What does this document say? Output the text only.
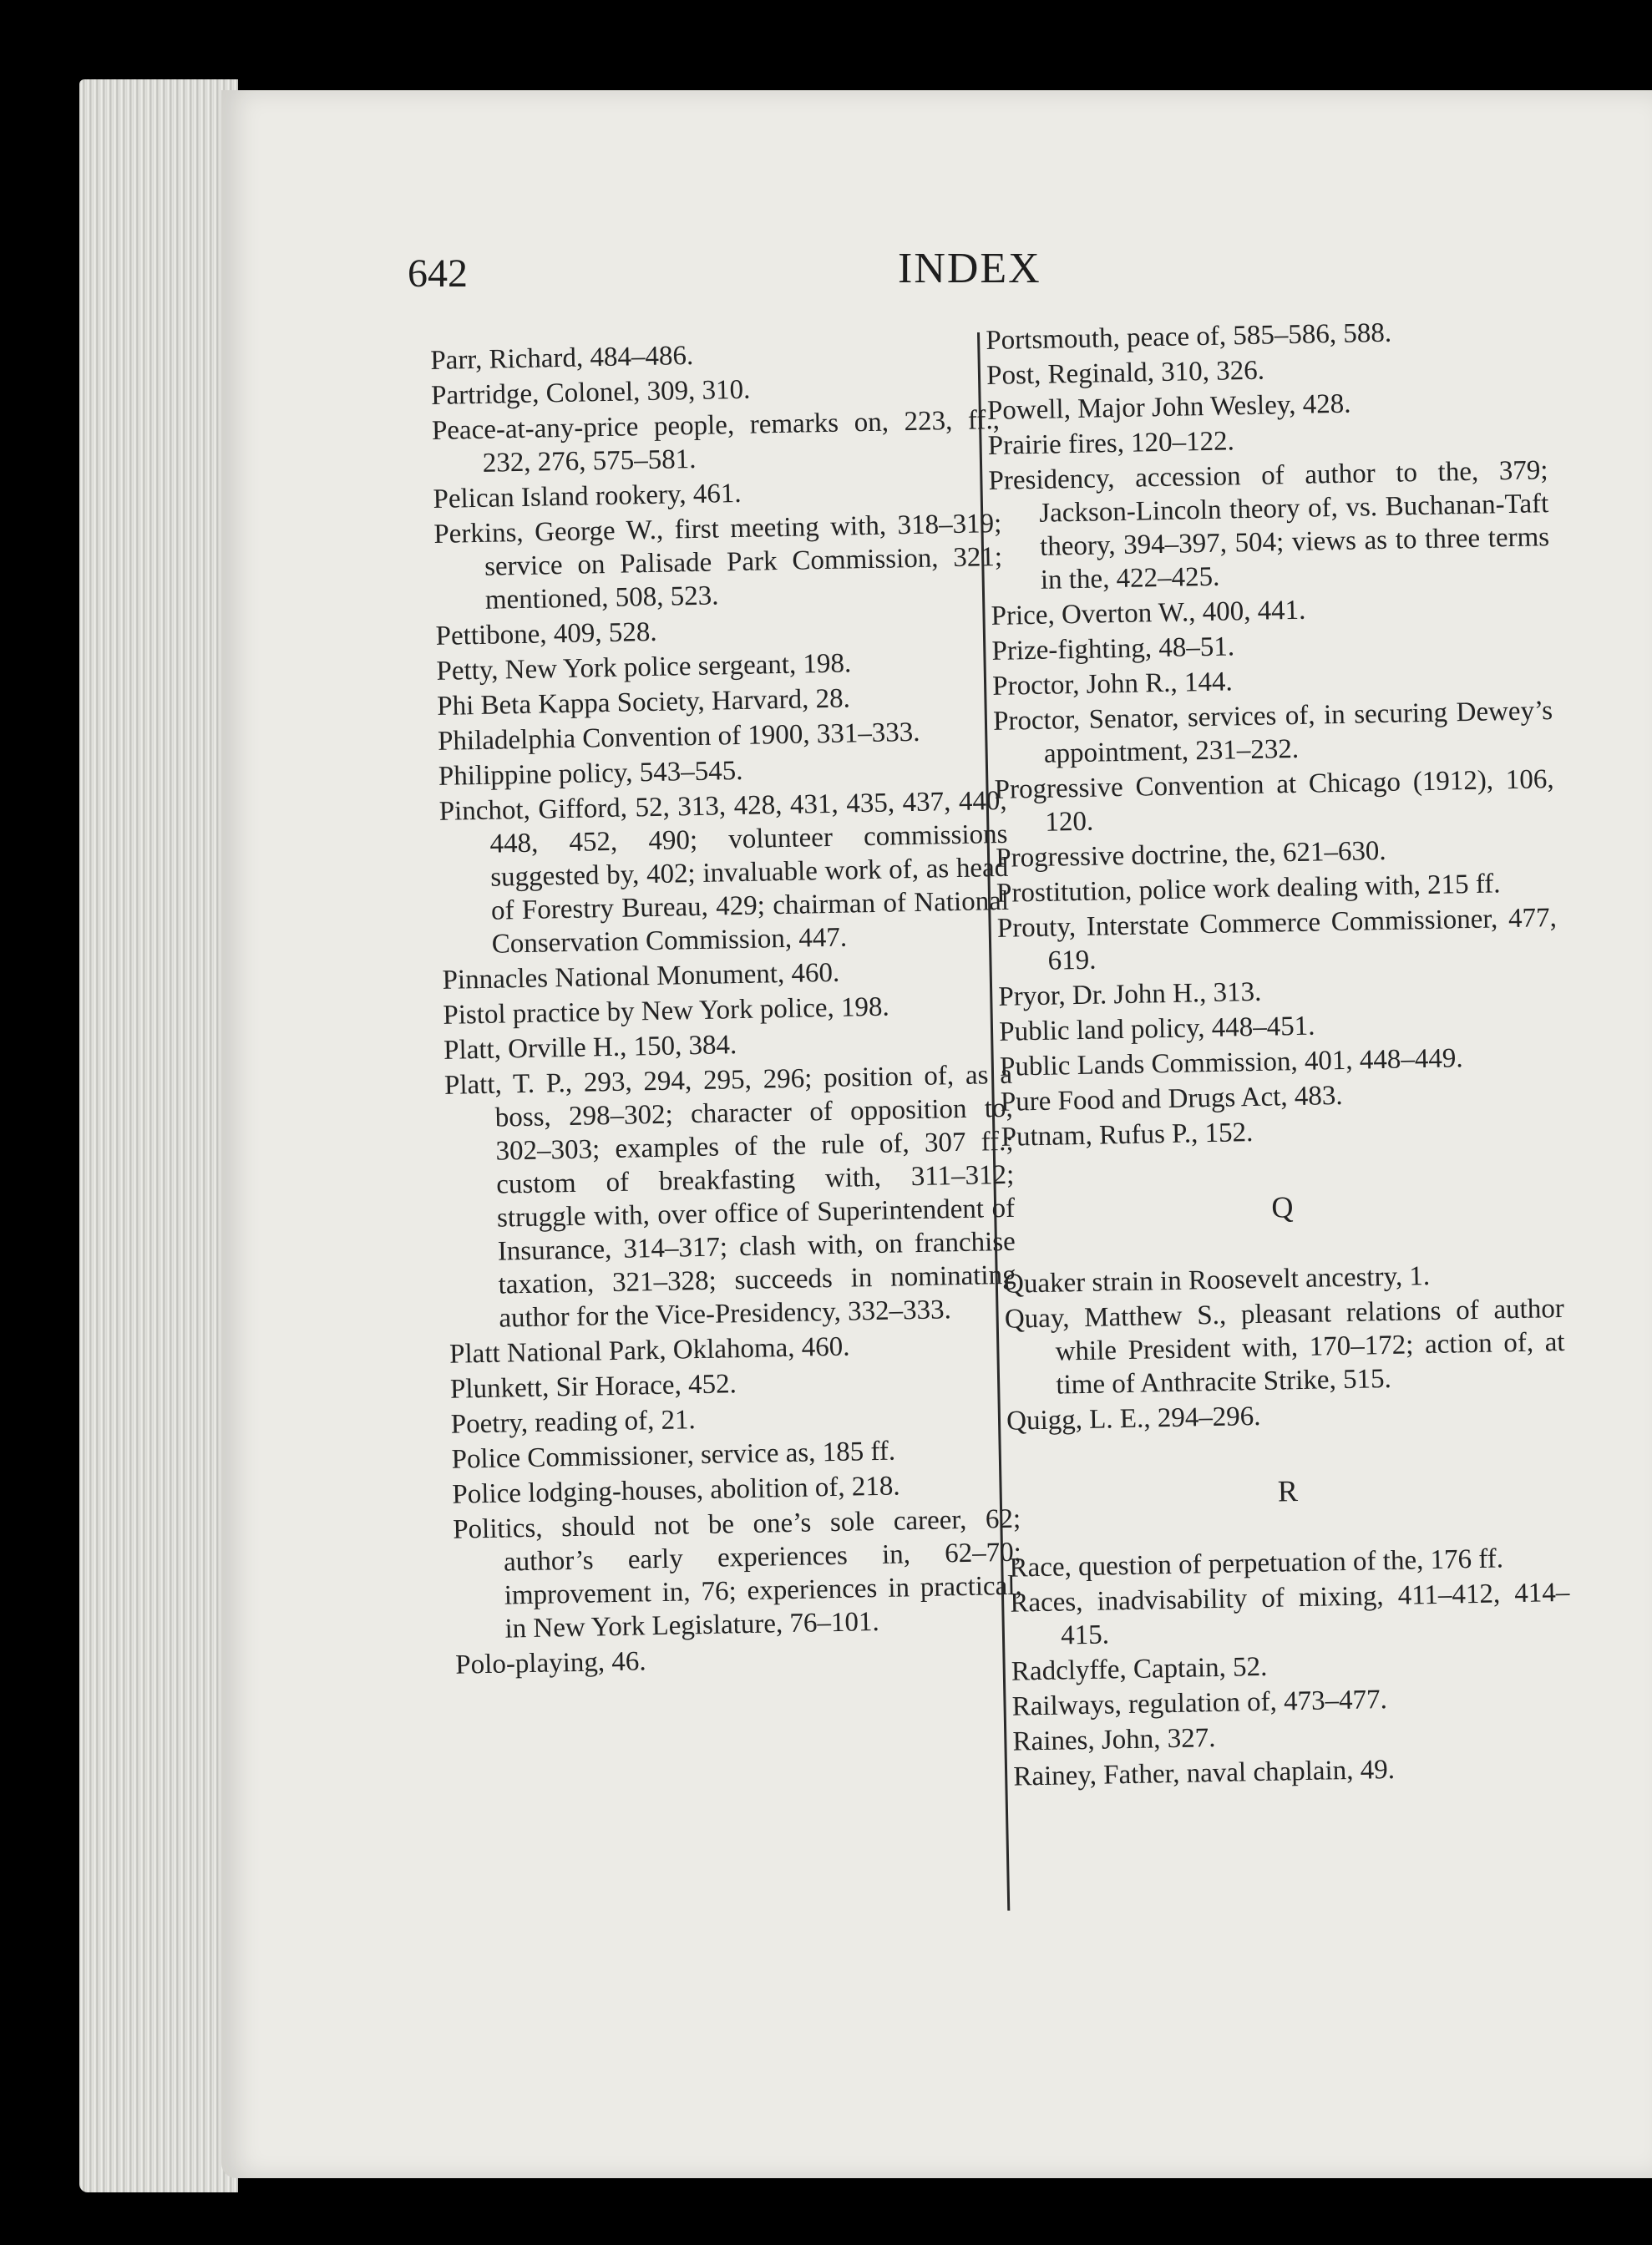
642	INDEX

Parr, Richard, 484–486.

Partridge, Colonel, 309, 310.

Peace-at-any-price people, remarks on, 223, ff., 232, 276, 575–581.

Pelican Island rookery, 461.

Perkins, George W., first meeting with, 318–319; service on Palisade Park Commission, 321; mentioned, 508, 523.

Pettibone, 409, 528.

Petty, New York police sergeant, 198.

Phi Beta Kappa Society, Harvard, 28.

Philadelphia Convention of 1900, 331–333.

Philippine policy, 543–545.

Pinchot, Gifford, 52, 313, 428, 431, 435, 437, 440, 448, 452, 490; volunteer commissions suggested by, 402; invaluable work of, as head of Forestry Bureau, 429; chairman of National Conservation Commission, 447.

Pinnacles National Monument, 460.

Pistol practice by New York police, 198.

Platt, Orville H., 150, 384.

Platt, T. P., 293, 294, 295, 296; position of, as a boss, 298–302; character of opposition to, 302–303; examples of the rule of, 307 ff.; custom of breakfasting with, 311–312; struggle with, over office of Superintendent of Insurance, 314–317; clash with, on franchise taxation, 321–328; succeeds in nominating author for the Vice-Presidency, 332–333.

Platt National Park, Oklahoma, 460.

Plunkett, Sir Horace, 452.

Poetry, reading of, 21.

Police Commissioner, service as, 185 ff.

Police lodging-houses, abolition of, 218.

Politics, should not be one’s sole career, 62; author’s early experiences in, 62–70; improvement in, 76; experiences in practical, in New York Legislature, 76–101.

Polo-playing, 46.

Portsmouth, peace of, 585–586, 588.

Post, Reginald, 310, 326.

Powell, Major John Wesley, 428.

Prairie fires, 120–122.

Presidency, accession of author to the, 379; Jackson-Lincoln theory of, vs. Buchanan-Taft theory, 394–397, 504; views as to three terms in the, 422–425.

Price, Overton W., 400, 441.

Prize-fighting, 48–51.

Proctor, John R., 144.

Proctor, Senator, services of, in securing Dewey’s appointment, 231–232.

Progressive Convention at Chicago (1912), 106, 120.

Progressive doctrine, the, 621–630.

Prostitution, police work dealing with, 215 ff.

Prouty, Interstate Commerce Commissioner, 477, 619.

Pryor, Dr. John H., 313.

Public land policy, 448–451.

Public Lands Commission, 401, 448–449.

Pure Food and Drugs Act, 483.

Putnam, Rufus P., 152.

Q

Quaker strain in Roosevelt ancestry, 1.

Quay, Matthew S., pleasant relations of author while President with, 170–172; action of, at time of Anthracite Strike, 515.

Quigg, L. E., 294–296.

R

Race, question of perpetuation of the, 176 ff.

Races, inadvisability of mixing, 411–412, 414–415.

Radclyffe, Captain, 52.

Railways, regulation of, 473–477.

Raines, John, 327.

Rainey, Father, naval chaplain, 49.
